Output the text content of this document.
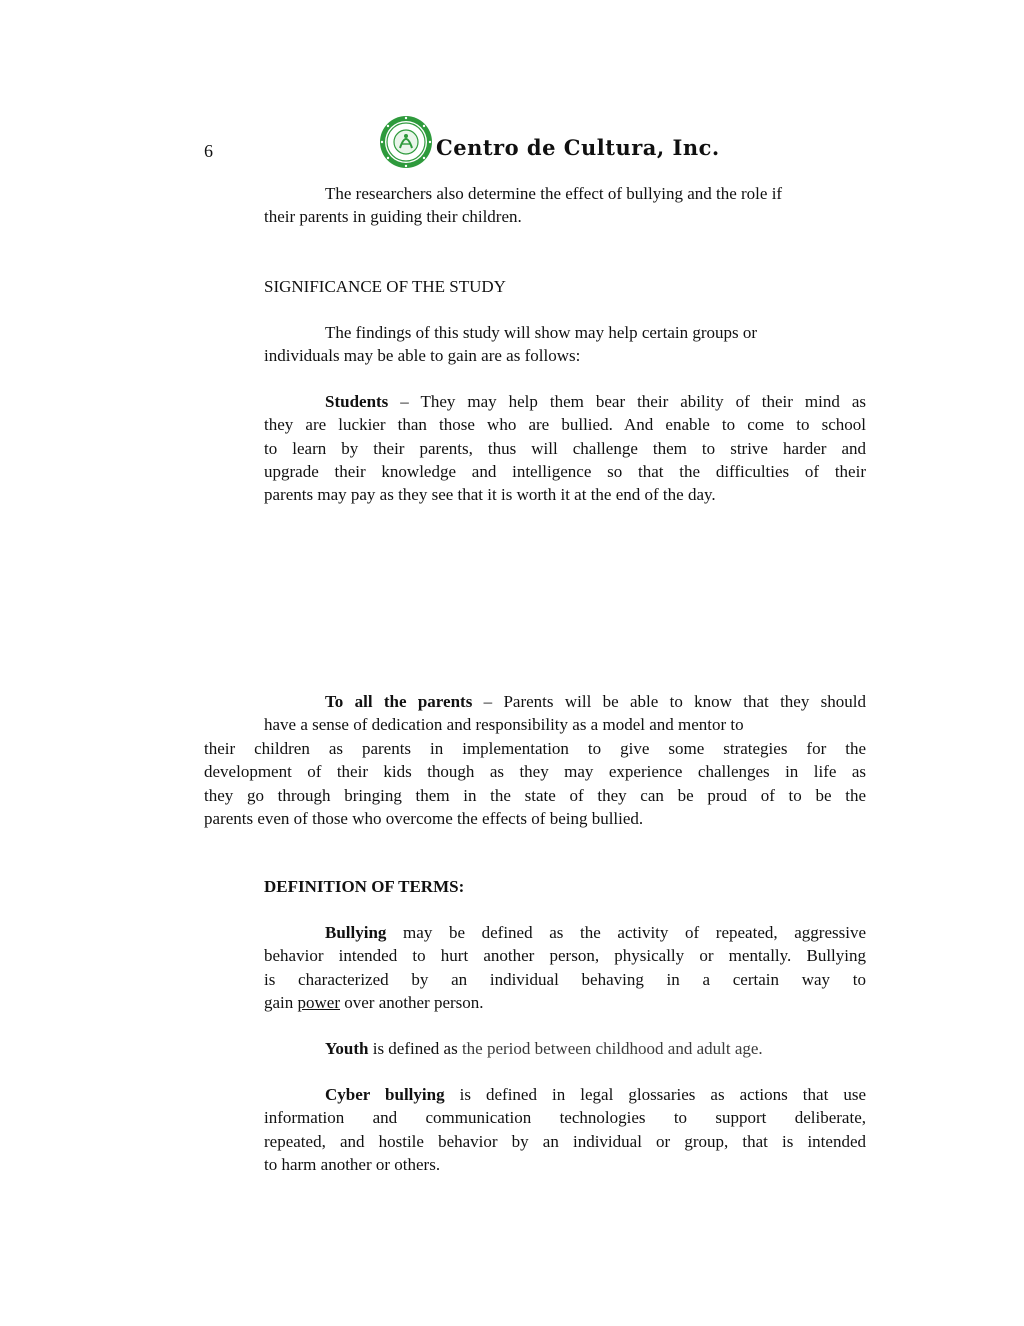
6	Centro de Cultura, Inc.
The researchers also determine the effect of bullying and the role if
their parents in guiding their children.
SIGNIFICANCE OF THE STUDY
The findings of this study will show may help certain groups or
individuals may be able to gain are as follows:
Students – They may help them bear their ability of their mind as
they are luckier than those who are bullied. And enable to come to school
to learn by their parents, thus will challenge them to strive harder and
upgrade their knowledge and intelligence so that the difficulties of their
parents may pay as they see that it is worth it at the end of the day.
To all the parents – Parents will be able to know that they should
have a sense of dedication and responsibility as a model and mentor to
their children as parents in implementation to give some strategies for the
development of their kids though as they may experience challenges in life as
they go through bringing them in the state of they can be proud of to be the
parents even of those who overcome the effects of being bullied.
DEFINITION OF TERMS:
Bullying may be defined as the activity of repeated, aggressive
behavior intended to hurt another person, physically or mentally. Bullying
is characterized by an individual behaving in a certain way to
gain power over another person.
Youth is defined as the period between childhood and adult age.
Cyber bullying is defined in legal glossaries as actions that use
information and communication technologies to support deliberate,
repeated, and hostile behavior by an individual or group, that is intended
to harm another or others.
